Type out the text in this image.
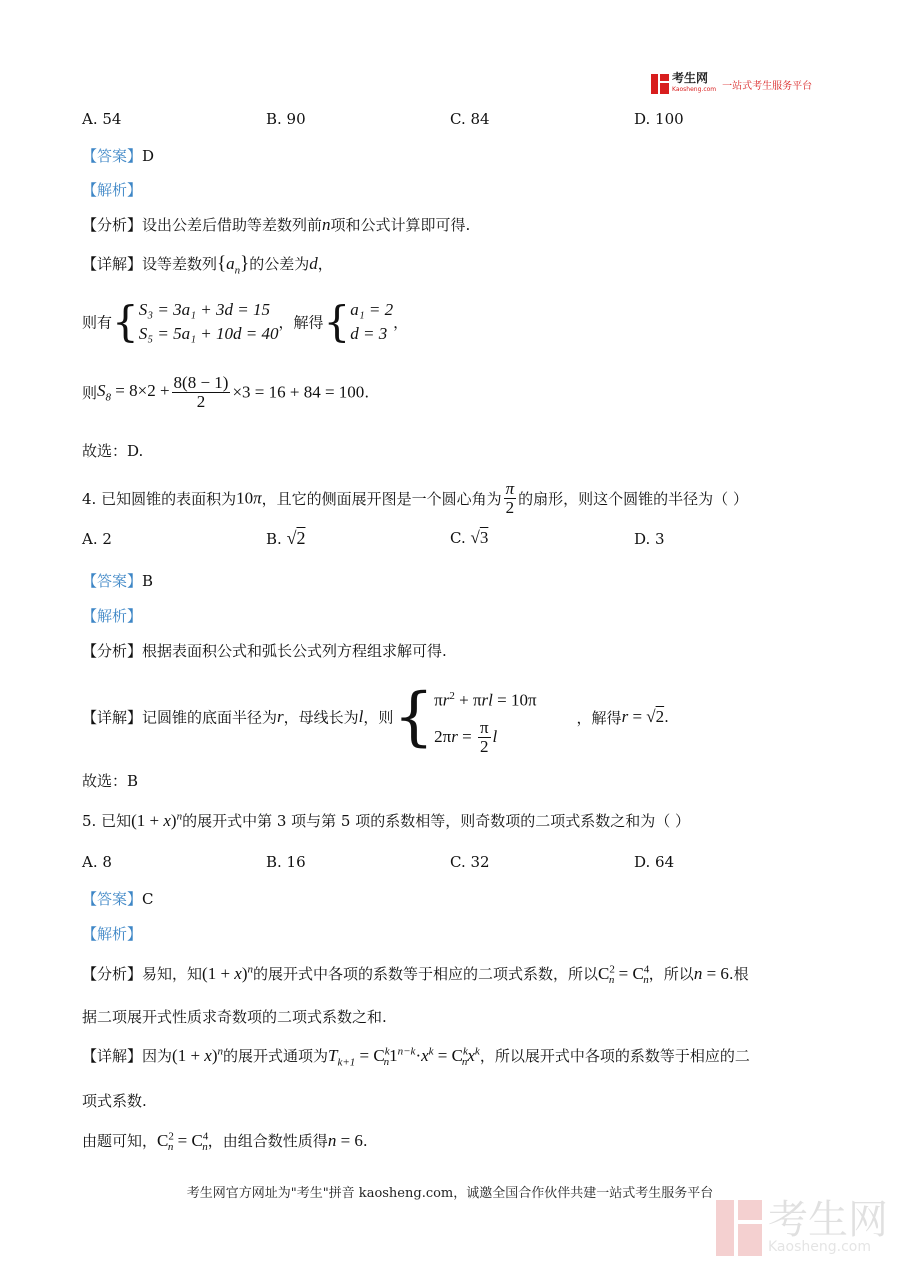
考生网
Kaosheng.com 一站式考生服务平台
A. 54	B. 90	C. 84	D. 100
【答案】D
【解析】
【分析】设出公差后借助等差数列前n项和公式计算即可得.
【详解】设等差数列$\{a_n\}$的公差为d，
则有{ S₃ = 3a₁ + 3d = 15
S₅ = 5a₁ + 10d = 40
，解得{ a₁ = 2
d = 3
，
则$S_8 = 8\times 2 + \frac{8(8 - 1)}{2} \times 3 = 16 + 84 = 100$.
故选：D.
4. 已知圆锥的表面积为10π，且它的侧面展开图是一个圆心角为 $\frac{\pi}{2}$ 的扇形，则这个圆锥的半径为（ ）
A. 2	B. √2	C. √3	D. 3
【答案】B
【解析】
【分析】根据表面积公式和弧长公式列方程组求解可得.
【详解】记圆锥的底面半径为r，母线长为l，则{ $\pi r^2 + \pi rl = 10\pi$
$2\pi r = \frac{\pi}{2}$ l
，解得r = √2.
故选：B
5. 已知$(1 + x)^n$的展开式中第 3 项与第 5 项的系数相等，则奇数项的二项式系数之和为（ ）
A. 8	B. 16	C. 32	D. 64
【答案】C
【解析】
【分析】易知，知$(1 + x)^n$的展开式中各项的系数等于相应的二项式系数，所以$C^2_n = C^4_n$，所以n = 6.根
据二项展开式性质求奇数项的二项式系数之和.
【详解】因为$(1 + x)^n$的展开式通项为$T_{k+1} = C^k_n1^{n-k}\cdot x^k = C^k_nx^k$，所以展开式中各项的系数等于相应的二
项式系数.
由题可知，$C^2_n = C^4_n$，由组合数性质得n = 6.
考生网官方网址为"考生"拼音 kaosheng.com，诚邀全国合作伙伴共建一站式考生服务平台
考生网
Kaosheng.com
